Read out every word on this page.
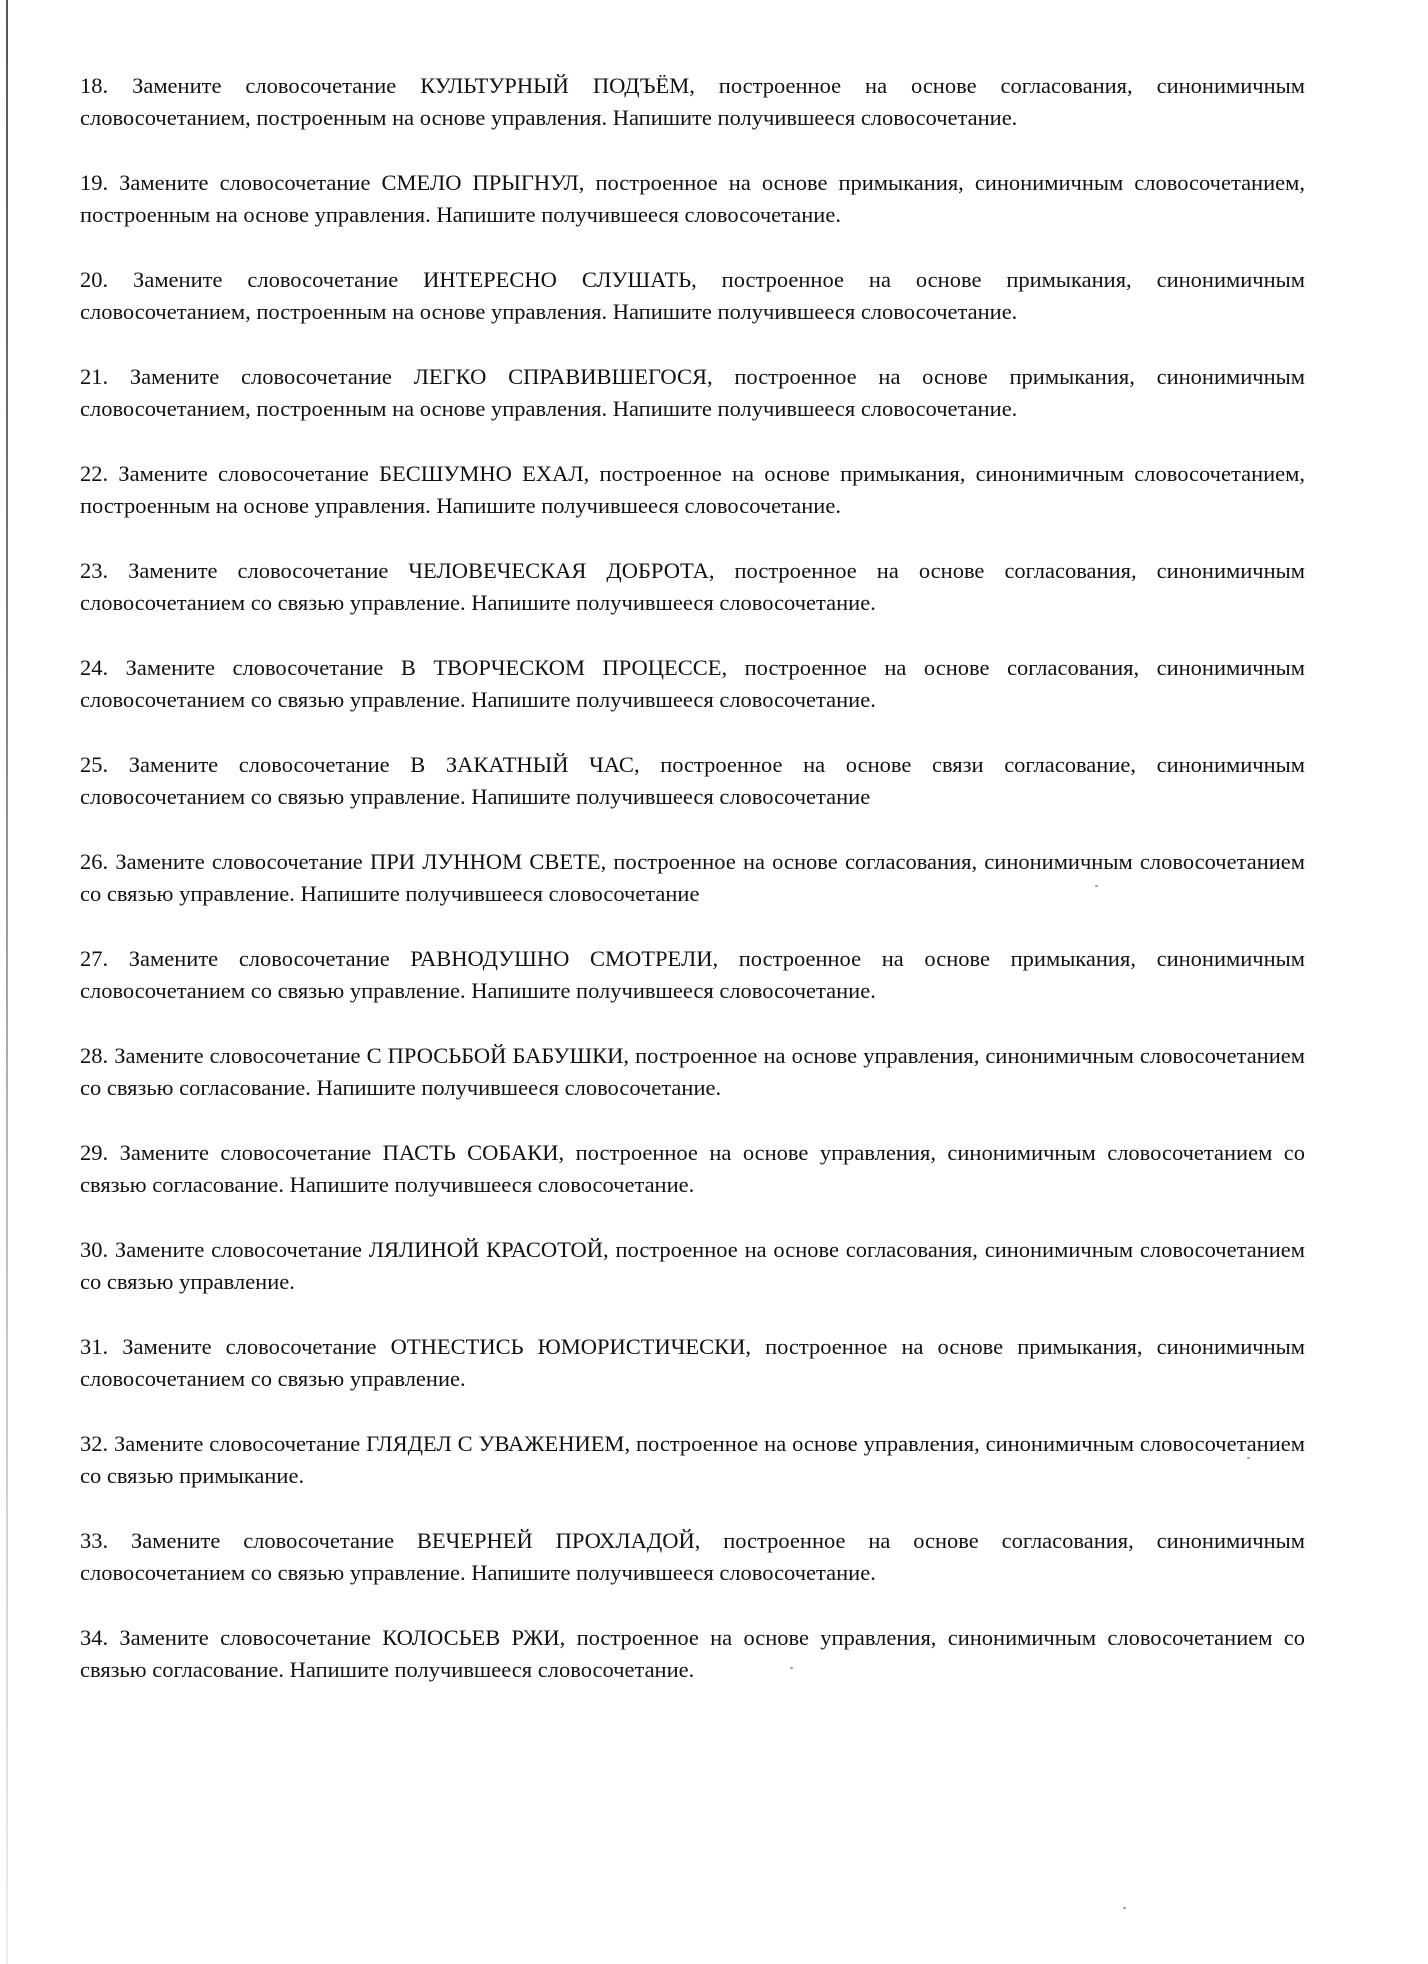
18. Замените словосочетание КУЛЬТУРНЫЙ ПОДЪЁМ, построенное на основе согласования, синонимичным словосочетанием, построенным на основе управления. Напишите получившееся словосочетание.

19. Замените словосочетание СМЕЛО ПРЫГНУЛ, построенное на основе примыкания, синонимичным словосочетанием, построенным на основе управления. Напишите получившееся словосочетание.

20. Замените словосочетание ИНТЕРЕСНО СЛУШАТЬ, построенное на основе примыкания, синонимичным словосочетанием, построенным на основе управления. Напишите получившееся словосочетание.

21. Замените словосочетание ЛЕГКО СПРАВИВШЕГОСЯ, построенное на основе примыкания, синонимичным словосочетанием, построенным на основе управления. Напишите получившееся словосочетание.

22. Замените словосочетание БЕСШУМНО ЕХАЛ, построенное на основе примыкания, синонимичным словосочетанием, построенным на основе управления. Напишите получившееся словосочетание.

23. Замените словосочетание ЧЕЛОВЕЧЕСКАЯ ДОБРОТА, построенное на основе согласования, синонимичным словосочетанием со связью управление. Напишите получившееся словосочетание.

24. Замените словосочетание В ТВОРЧЕСКОМ ПРОЦЕССЕ, построенное на основе согласования, синонимичным словосочетанием со связью управление. Напишите получившееся словосочетание.

25. Замените словосочетание В ЗАКАТНЫЙ ЧАС, построенное на основе связи согласование, синонимичным словосочетанием со связью управление. Напишите получившееся словосочетание

26. Замените словосочетание ПРИ ЛУННОМ СВЕТЕ, построенное на основе согласования, синонимичным словосочетанием со связью управление. Напишите получившееся словосочетание

27. Замените словосочетание РАВНОДУШНО СМОТРЕЛИ, построенное на основе примыкания, синонимичным словосочетанием со связью управление. Напишите получившееся словосочетание.

28. Замените словосочетание С ПРОСЬБОЙ БАБУШКИ, построенное на основе управления, синонимичным словосочетанием со связью согласование. Напишите получившееся словосочетание.

29. Замените словосочетание ПАСТЬ СОБАКИ, построенное на основе управления, синонимичным словосочетанием со связью согласование. Напишите получившееся словосочетание.

30. Замените словосочетание ЛЯЛИНОЙ КРАСОТОЙ, построенное на основе согласования, синонимичным словосочетанием со связью управление.

31. Замените словосочетание ОТНЕСТИСЬ ЮМОРИСТИЧЕСКИ, построенное на основе примыкания, синонимичным словосочетанием со связью управление.

32. Замените словосочетание ГЛЯДЕЛ С УВАЖЕНИЕМ, построенное на основе управления, синонимичным словосочетанием со связью примыкание.

33. Замените словосочетание ВЕЧЕРНЕЙ ПРОХЛАДОЙ, построенное на основе согласования, синонимичным словосочетанием со связью управление. Напишите получившееся словосочетание.

34. Замените словосочетание КОЛОСЬЕВ РЖИ, построенное на основе управления, синонимичным словосочетанием со связью согласование. Напишите получившееся словосочетание.
